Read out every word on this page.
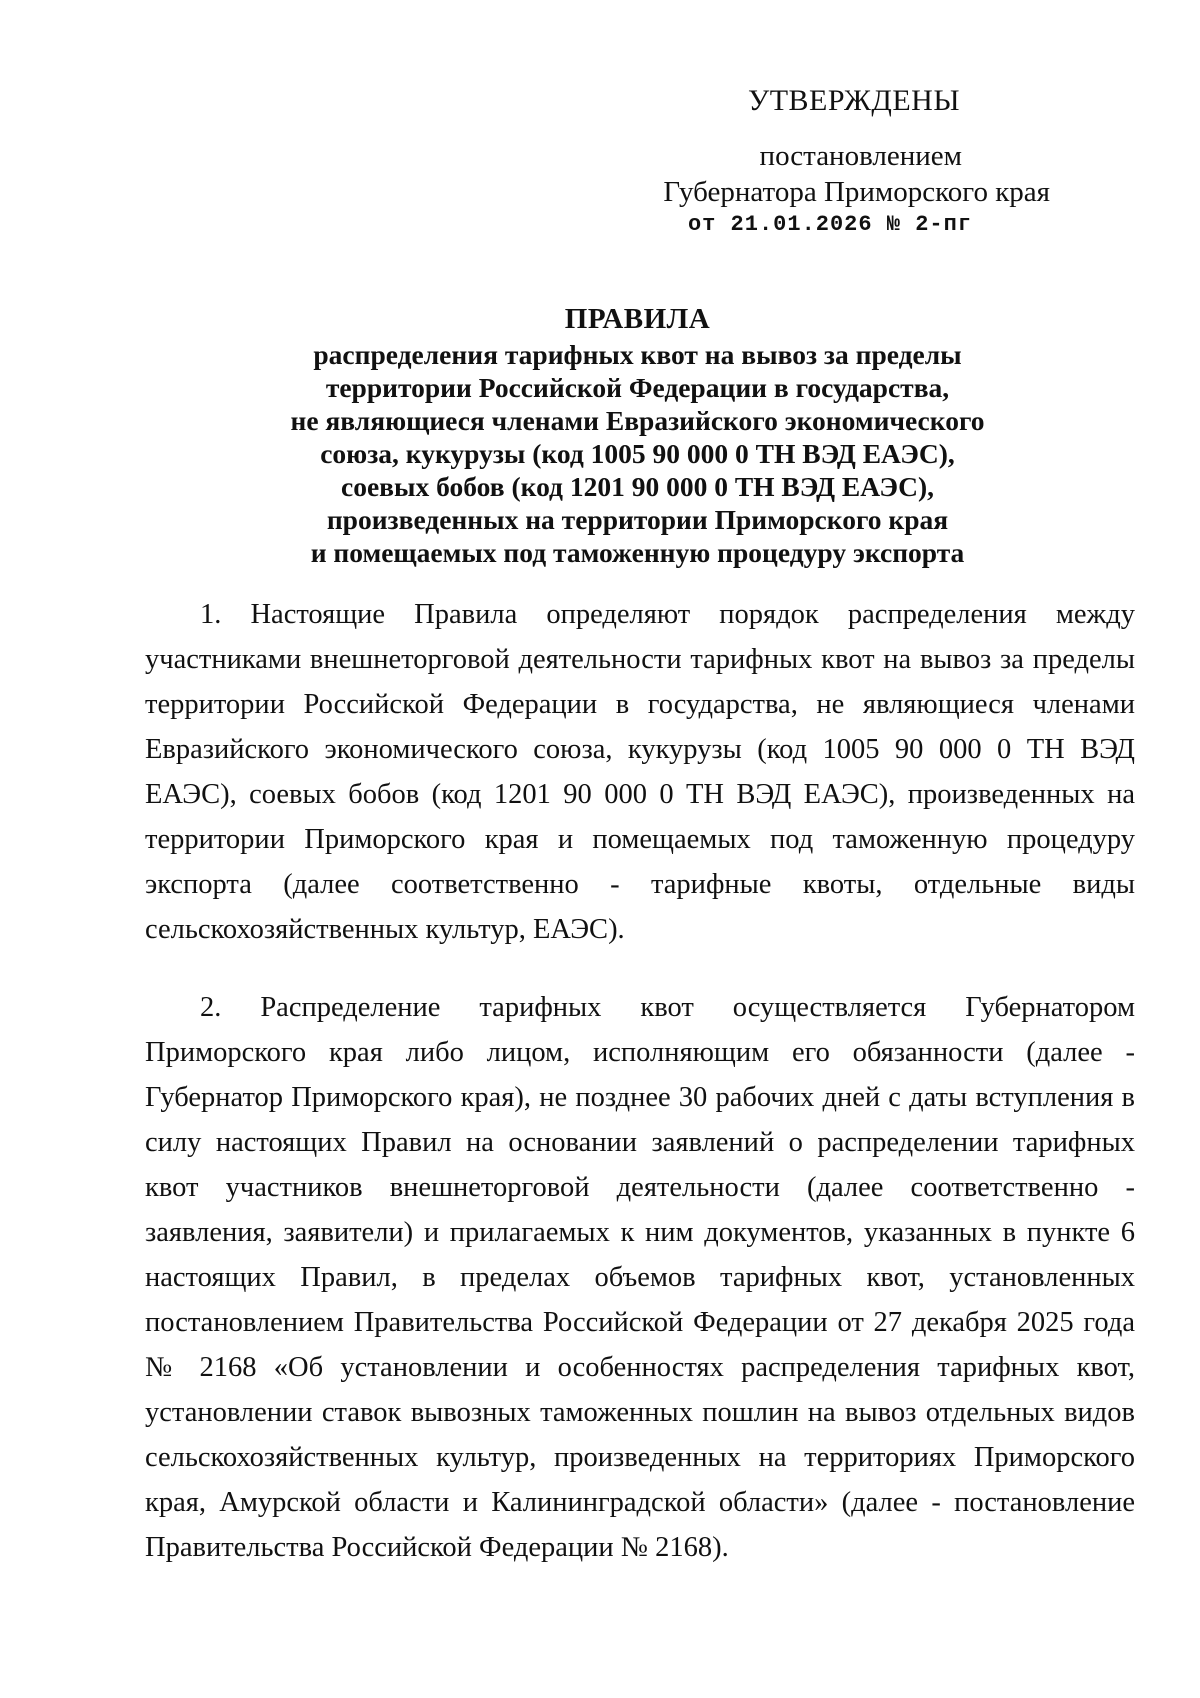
УТВЕРЖДЕНЫ
постановлением
Губернатора Приморского края
от 21.01.2026 № 2-пг
ПРАВИЛА
распределения тарифных квот на вывоз за пределы
территории Российской Федерации в государства,
не являющиеся членами Евразийского экономического
союза, кукурузы (код 1005 90 000 0 ТН ВЭД ЕАЭС),
соевых бобов (код 1201 90 000 0 ТН ВЭД ЕАЭС),
произведенных на территории Приморского края
и помещаемых под таможенную процедуру экспорта

1. Настоящие Правила определяют порядок распределения между участниками внешнеторговой деятельности тарифных квот на вывоз за пределы территории Российской Федерации в государства, не являющиеся членами Евразийского экономического союза, кукурузы (код 1005 90 000 0 ТН ВЭД ЕАЭС), соевых бобов (код 1201 90 000 0 ТН ВЭД ЕАЭС), произведенных на территории Приморского края и помещаемых под таможенную процедуру экспорта (далее соответственно - тарифные квоты, отдельные виды сельскохозяйственных культур, ЕАЭС).

2. Распределение тарифных квот осуществляется Губернатором Приморского края либо лицом, исполняющим его обязанности (далее - Губернатор Приморского края), не позднее 30 рабочих дней с даты вступления в силу настоящих Правил на основании заявлений о распределении тарифных квот участников внешнеторговой деятельности (далее соответственно - заявления, заявители) и прилагаемых к ним документов, указанных в пункте 6 настоящих Правил, в пределах объемов тарифных квот, установленных постановлением Правительства Российской Федерации от 27 декабря 2025 года № 2168 «Об установлении и особенностях распределения тарифных квот, установлении ставок вывозных таможенных пошлин на вывоз отдельных видов сельскохозяйственных культур, произведенных на территориях Приморского края, Амурской области и Калининградской области» (далее - постановление Правительства Российской Федерации № 2168).
